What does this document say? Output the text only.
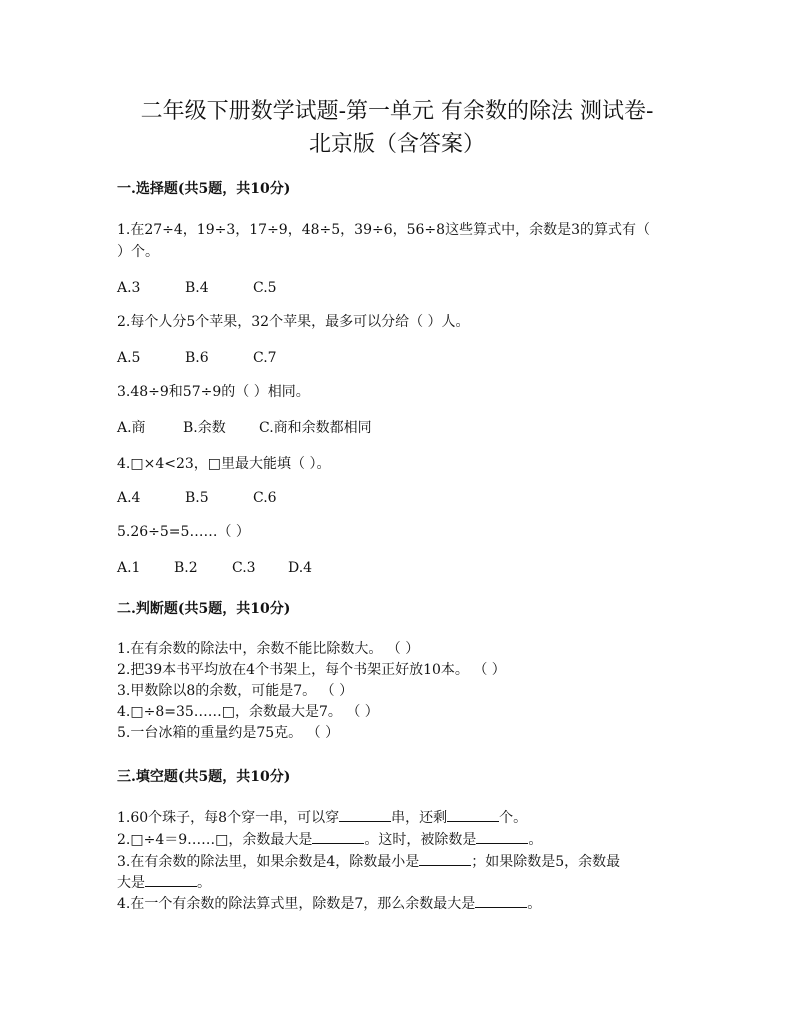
二年级下册数学试题-第一单元 有余数的除法 测试卷-
北京版（含答案）
一.选择题(共5题，共10分)
1.在27÷4，19÷3，17÷9，48÷5，39÷6，56÷8这些算式中，余数是3的算式有（
）个。
A.3	B.4	C.5
2.每个人分5个苹果，32个苹果，最多可以分给（ ）人。
A.5	B.6	C.7
3.48÷9和57÷9的（ ）相同。
A.商	B.余数 C.商和余数都相同
4.□×4<23，□里最大能填（ ）。
A.4	B.5	C.6
5.26÷5=5……（ ）
A.1 B.2 C.3 D.4
二.判断题(共5题，共10分)
1.在有余数的除法中，余数不能比除数大。 （ ）
2.把39本书平均放在4个书架上，每个书架正好放10本。 （ ）
3.甲数除以8的余数，可能是7。 （ ）
4.□÷8=35……□，余数最大是7。 （ ）
5.一台冰箱的重量约是75克。 （ ）
三.填空题(共5题，共10分)
1.60个珠子，每8个穿一串，可以穿	串，还剩	个。
2.□÷4＝9……□，余数最大是	。这时，被除数是	。
3.在有余数的除法里，如果余数是4，除数最小是	；如果除数是5，余数最
大是	。
4.在一个有余数的除法算式里，除数是7，那么余数最大是	。
